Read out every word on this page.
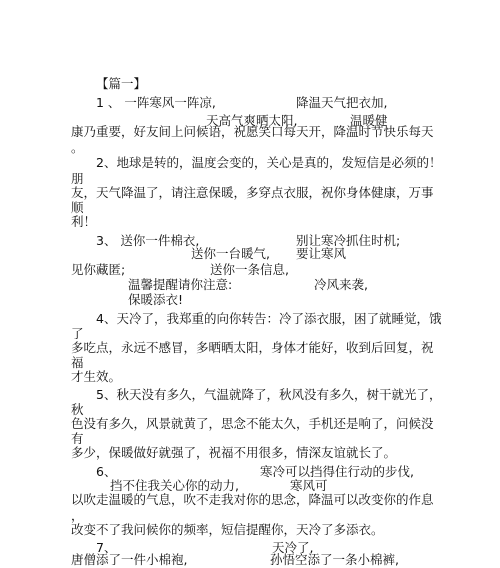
【篇一】
1 、 一阵寒风一阵凉,	降温天气把衣加,
天高气爽晒太阳,	温暖健
康乃重要，好友间上问候语，祝愿笑口每天开，降温时节快乐每天
。
2、地球是转的，温度会变的，关心是真的，发短信是必须的！
朋
友，天气降温了，请注意保暖，多穿点衣服，祝你身体健康，万事
顺
利！
3、 送你一件棉衣,	别让寒冷抓住时机;
送你一台暖气, 要让寒风
见你藏匿;	送你一条信息,
温馨提醒请你注意:	冷风来袭,
保暖添衣!
4、天冷了，我郑重的向你转告：冷了添衣服，困了就睡觉，饿
了
多吃点，永远不感冒，多晒晒太阳，身体才能好，收到后回复，祝
福
才生效。
5、秋天没有多久，气温就降了，秋风没有多久，树干就光了，
秋
色没有多久，风景就黄了，思念不能太久，手机还是响了，问候没
有
多少，保暖做好就强了，祝福不用很多，情深友谊就长了。
6、	寒冷可以挡得住行动的步伐,
挡不住我关心你的动力,	寒风可
以吹走温暖的气息，吹不走我对你的思念，降温可以改变你的作息
，
改变不了我问候你的频率，短信提醒你，天冷了多添衣。
7、	天冷了,
唐僧添了一件小棉袍,	孙悟空添了一条小棉裤,
